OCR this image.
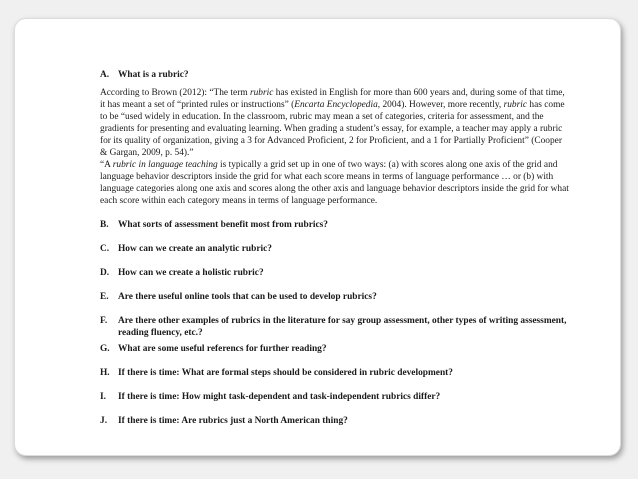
A. What is a rubric?

According to Brown (2012): “The term rubric has existed in English for more than 600 years and, during some of that time, it has meant a set of “printed rules or instructions” (Encarta Encyclopedia, 2004). However, more recently, rubric has come to be “used widely in education. In the classroom, rubric may mean a set of categories, criteria for assessment, and the gradients for presenting and evaluating learning. When grading a student’s essay, for example, a teacher may apply a rubric for its quality of organization, giving a 3 for Advanced Proficient, 2 for Proficient, and a 1 for Partially Proficient” (Cooper & Gargan, 2009, p. 54).”

“A rubric in language teaching is typically a grid set up in one of two ways: (a) with scores along one axis of the grid and language behavior descriptors inside the grid for what each score means in terms of language performance … or (b) with language categories along one axis and scores along the other axis and language behavior descriptors inside the grid for what each score within each category means in terms of language performance.

B. What sorts of assessment benefit most from rubrics?
C. How can we create an analytic rubric?
D. How can we create a holistic rubric?
E. Are there useful online tools that can be used to develop rubrics?
F.	Are there other examples of rubrics in the literature for say group assessment, other types of writing assessment, reading fluency, etc.?
G. What are some useful referencs for further reading?
H. If there is time: What are formal steps should be considered in rubric development?
I.	If there is time: How might task-dependent and task-independent rubrics differ?
J.	If there is time: Are rubrics just a North American thing?
